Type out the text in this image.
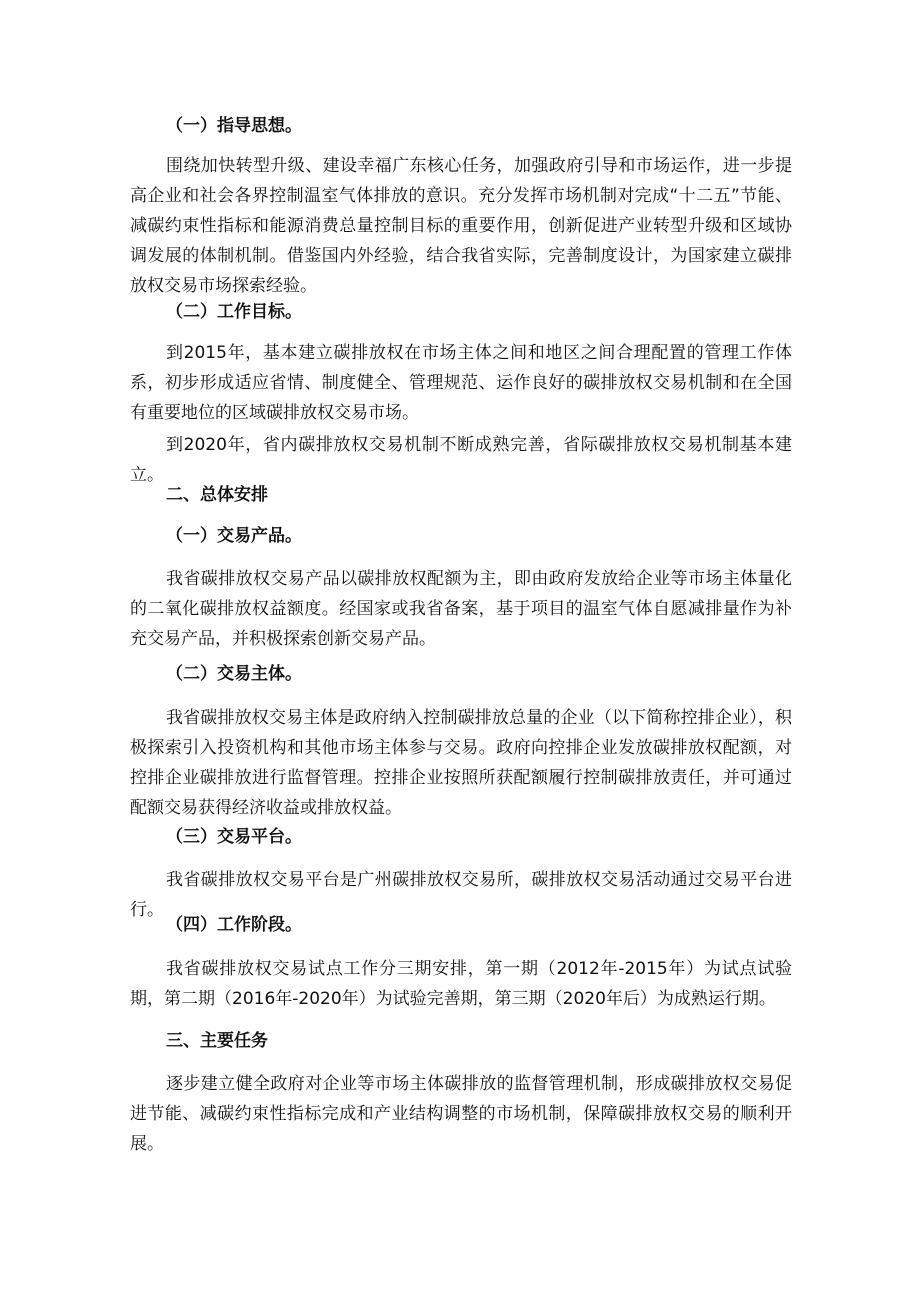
（一）指导思想。

围绕加快转型升级、建设幸福广东核心任务，加强政府引导和市场运作，进一步提高企业和社会各界控制温室气体排放的意识。充分发挥市场机制对完成“十二五”节能、减碳约束性指标和能源消费总量控制目标的重要作用，创新促进产业转型升级和区域协调发展的体制机制。借鉴国内外经验，结合我省实际，完善制度设计，为国家建立碳排放权交易市场探索经验。

（二）工作目标。

到2015年，基本建立碳排放权在市场主体之间和地区之间合理配置的管理工作体系，初步形成适应省情、制度健全、管理规范、运作良好的碳排放权交易机制和在全国有重要地位的区域碳排放权交易市场。

到2020年，省内碳排放权交易机制不断成熟完善，省际碳排放权交易机制基本建立。

二、总体安排

（一）交易产品。

我省碳排放权交易产品以碳排放权配额为主，即由政府发放给企业等市场主体量化的二氧化碳排放权益额度。经国家或我省备案，基于项目的温室气体自愿减排量作为补充交易产品，并积极探索创新交易产品。

（二）交易主体。

我省碳排放权交易主体是政府纳入控制碳排放总量的企业（以下简称控排企业），积极探索引入投资机构和其他市场主体参与交易。政府向控排企业发放碳排放权配额，对控排企业碳排放进行监督管理。控排企业按照所获配额履行控制碳排放责任，并可通过配额交易获得经济收益或排放权益。

（三）交易平台。

我省碳排放权交易平台是广州碳排放权交易所，碳排放权交易活动通过交易平台进行。

（四）工作阶段。

我省碳排放权交易试点工作分三期安排，第一期（2012年-2015年）为试点试验期，第二期（2016年-2020年）为试验完善期，第三期（2020年后）为成熟运行期。

三、主要任务

逐步建立健全政府对企业等市场主体碳排放的监督管理机制，形成碳排放权交易促进节能、减碳约束性指标完成和产业结构调整的市场机制，保障碳排放权交易的顺利开展。
